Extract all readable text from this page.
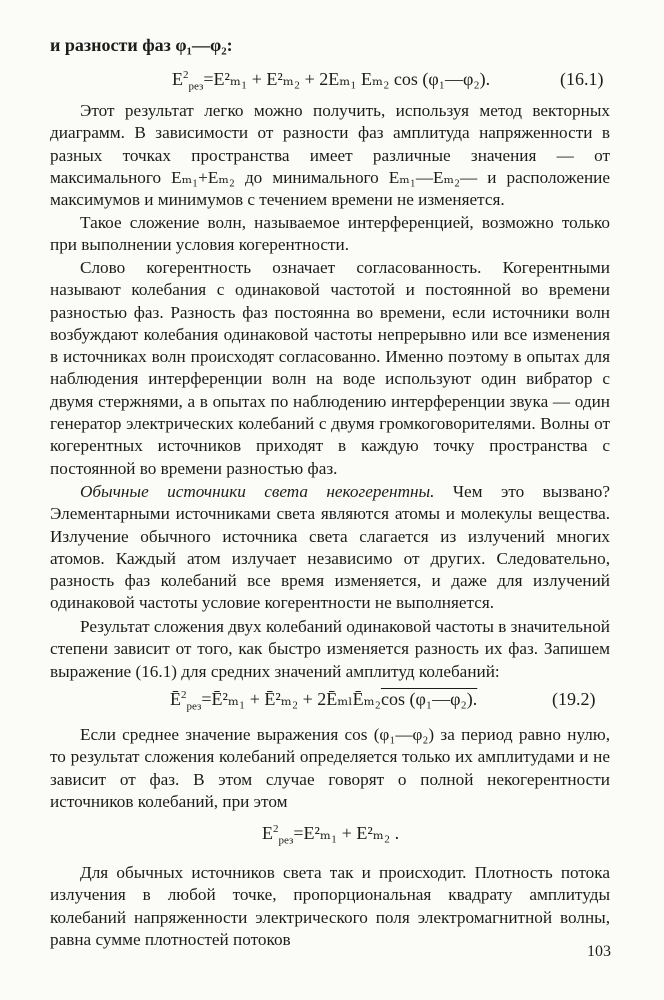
и разности фаз φ₁—φ₂:

$E^2_{рез}=E^2_{m1} + E^2_{m2} + 2E_{m1}$ Eₘ₂ cos (φ₁—φ₂).	(16.1)

Этот результат легко можно получить, используя метод векторных диаграмм. В зависимости от разности фаз амплитуда напряженности в разных точках пространства имеет различные значения — от максимального Eₘ₁+Eₘ₂ до минимального Eₘ₁—Eₘ₂— и расположение максимумов и минимумов с течением времени не изменяется.

Такое сложение волн, называемое интерференцией, возможно только при выполнении условия когерентности.

Слово когерентность означает согласованность. Когерентными называют колебания с одинаковой частотой и постоянной во времени разностью фаз. Разность фаз постоянна во времени, если источники волн возбуждают колебания одинаковой частоты непрерывно или все изменения в источниках волн происходят согласованно. Именно поэтому в опытах для наблюдения интерференции волн на воде используют один вибратор с двумя стержнями, а в опытах по наблюдению интерференции звука — один генератор электрических колебаний с двумя громкоговорителями. Волны от когерентных источников приходят в каждую точку пространства с постоянной во времени разностью фаз.

Обычные источники света некогерентны. Чем это вызвано? Элементарными источниками света являются атомы и молекулы вещества. Излучение обычного источника света слагается из излучений многих атомов. Каждый атом излучает независимо от других. Следовательно, разность фаз колебаний все время изменяется, и даже для излучений одинаковой частоты условие когерентности не выполняется.

Результат сложения двух колебаний одинаковой частоты в значительной степени зависит от того, как быстро изменяется разность их фаз. Запишем выражение (16.1) для средних значений амплитуд колебаний:

$Ē^2_{рез}=Ē^2_{m1}$ + Ē²ₘ₂ + 2ĒₘₗĒₘ₂cos (φ₁—φ₂).	(19.2)

Если среднее значение выражения cos (φ₁—φ₂) за период равно нулю, то результат сложения колебаний определяется только их амплитудами и не зависит от фаз. В этом случае говорят о полной некогерентности источников колебаний, при этом

$E^2_{рез}=E^2_{m1} + E^2_{m2}$ .

Для обычных источников света так и происходит. Плотность потока излучения в любой точке, пропорциональная квадрату амплитуды колебаний напряженности электрического поля электромагнитной волны, равна сумме плотностей потоков

103
